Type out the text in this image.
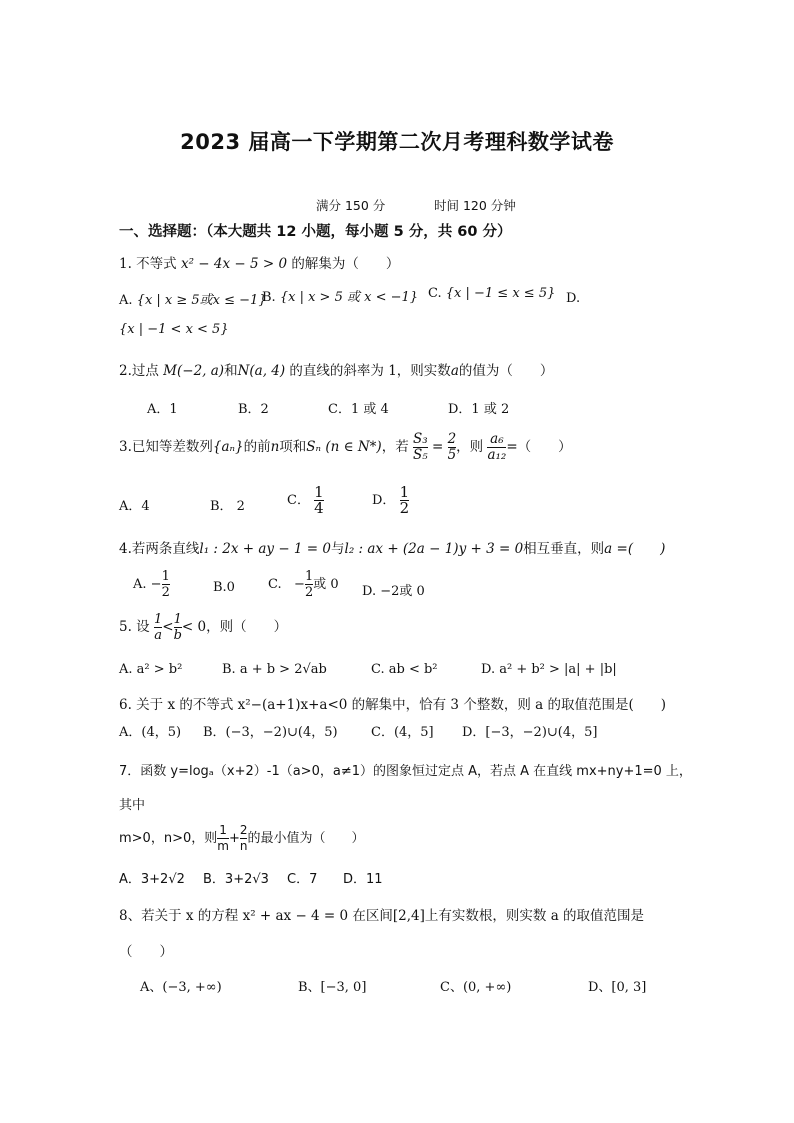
2023 届高一下学期第二次月考理科数学试卷
满分 150 分	时间 120 分钟
一、选择题：（本大题共 12 小题，每小题 5 分，共 60 分）
1. 不等式 x² − 4x − 5 > 0 的解集为（　　）
A. {x | x ≥ 5或x ≤ −1}
B. {x | x > 5 或 x < −1} C. {x | −1 ≤ x ≤ 5} D.
{x | −1 < x < 5}
2.过点 M(−2, a)和N(a, 4) 的直线的斜率为 1，则实数a的值为（　　）
A．1	B．2	C．1 或 4	D．1 或 2
3.已知等差数列{aₙ}的前n项和Sₙ (n ∈ N*)，若 $\frac{\text{S₃}}{\text{S₅}} = \frac{2}{5}$ ，则 $\frac{\text{a₆}}{\text{a₁₂}}$ =（　　）
A．4	B． 2	C． $\frac{1}{4}$	D． $\frac{1}{2}$
4.若两条直线l₁ : 2x + ay − 1 = 0与l₂ : ax + (2a − 1)y + 3 = 0相互垂直，则a =(　　)
A. − $\frac{1}{2}$	B.0	C. − $\frac{1}{2}$ 或 0 D. −2或 0
5. 设 $\frac{1}{a} < \frac{1}{b} < 0$，则（　　）
A. a² > b²	B. a + b > 2√ab	C. ab < b²	D. a² + b² > |a| + |b|
6. 关于 x 的不等式 x²−(a+1)x+a<0 的解集中，恰有 3 个整数，则 a 的取值范围是(　　)
A．(4，5) B．(−3，−2)∪(4，5)	C．(4，5] D．[−3，−2)∪(4，5]
7．函数 y=logₐ（x+2）-1（a>0，a≠1）的图象恒过定点 A，若点 A 在直线 mx+ny+1=0 上，
其中
m>0，n>0，则 $\frac{1}{m} + \frac{2}{n}$ 的最小值为（　　）
A．3+2√2 B．3+2√3 C．7 D．11
8、若关于 x 的方程 x² + ax − 4 = 0 在区间[2,4]上有实数根，则实数 a 的取值范围是
（　　）
A、(−3, +∞)	B、[−3, 0]	C、(0, +∞)	D、[0, 3]
